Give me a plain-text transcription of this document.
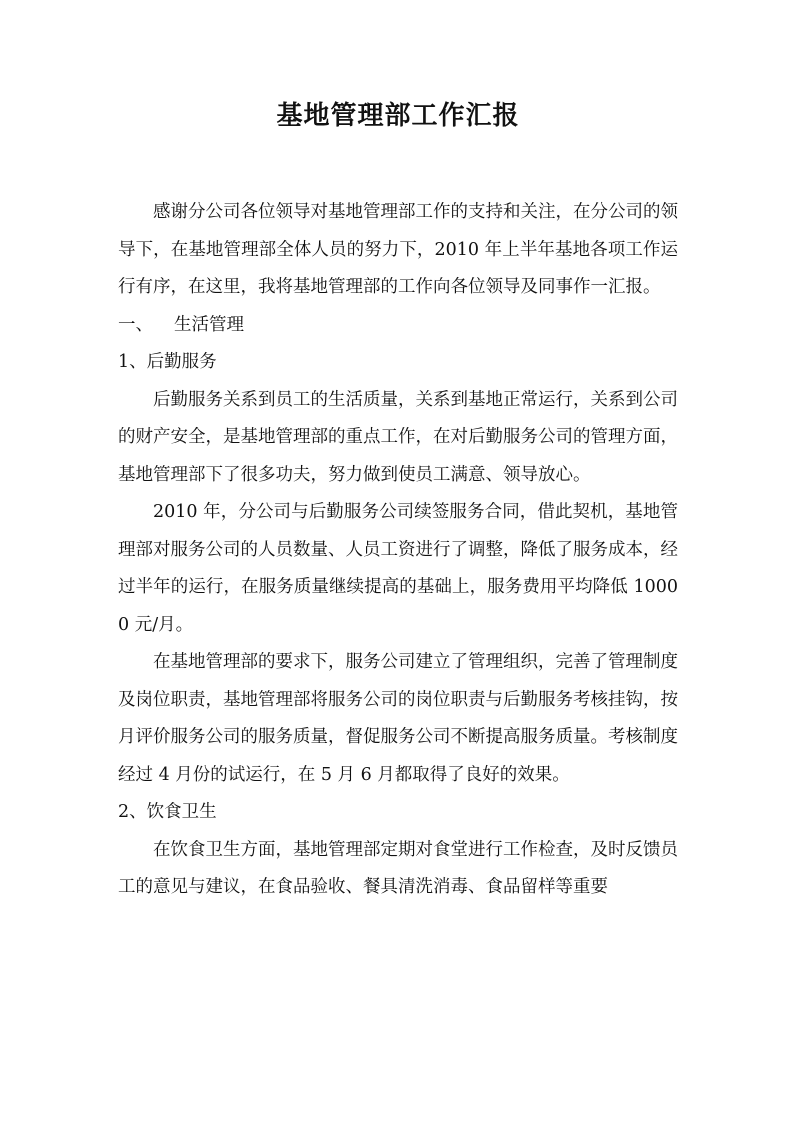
基地管理部工作汇报

感谢分公司各位领导对基地管理部工作的支持和关注，在分公司的领导下，在基地管理部全体人员的努力下，2010 年上半年基地各项工作运行有序，在这里，我将基地管理部的工作向各位领导及同事作一汇报。

一、 生活管理

1、后勤服务

后勤服务关系到员工的生活质量，关系到基地正常运行，关系到公司的财产安全，是基地管理部的重点工作，在对后勤服务公司的管理方面，基地管理部下了很多功夫，努力做到使员工满意、领导放心。

2010 年，分公司与后勤服务公司续签服务合同，借此契机，基地管理部对服务公司的人员数量、人员工资进行了调整，降低了服务成本，经过半年的运行，在服务质量继续提高的基础上，服务费用平均降低 10000 元/月。

在基地管理部的要求下，服务公司建立了管理组织，完善了管理制度及岗位职责，基地管理部将服务公司的岗位职责与后勤服务考核挂钩，按月评价服务公司的服务质量，督促服务公司不断提高服务质量。考核制度经过 4 月份的试运行，在 5 月 6 月都取得了良好的效果。

2、饮食卫生

在饮食卫生方面，基地管理部定期对食堂进行工作检查，及时反馈员工的意见与建议，在食品验收、餐具清洗消毒、食品留样等重要
